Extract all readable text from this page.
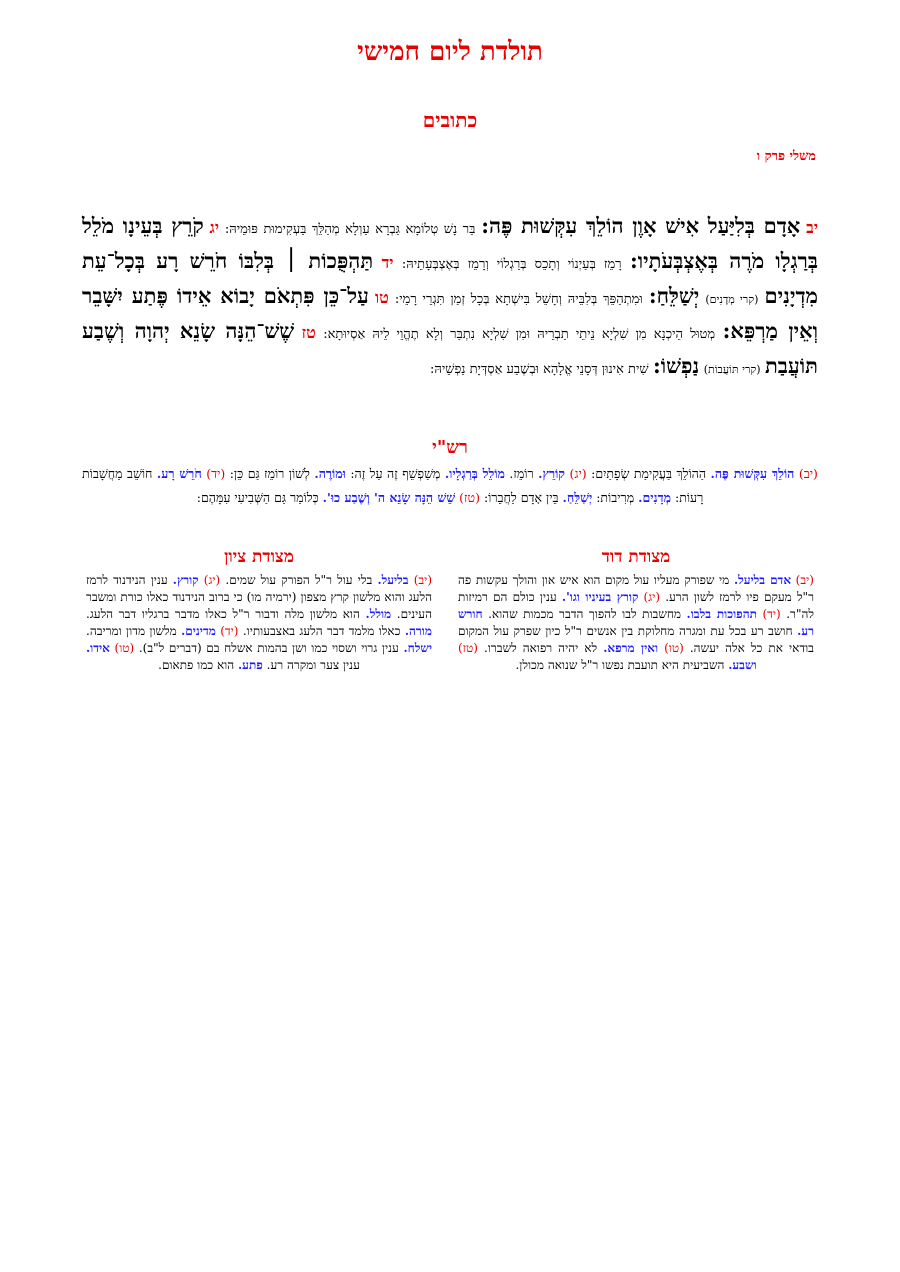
תולדת ליום חמישי
כתובים
משלי פרק ו
יב אָדָם בְּלִיַּעַל אִישׁ אָוֶן הוֹלֵךְ עִקְּשׁוּת פֶּה: בַּר נָשׁ טְלוֹמָא גַּבְרָא עַוְלָא מְהַלֵּךְ בַּעְקִימוּת פּוּמֵיהּ: יג קֹרֵץ בְּעֵינָו מֹלֵל בְּרַגְלָו מֹרֶה בְּאֶצְבְּעֹתָיו: רָמֵז בְּעַיְנוֹי וְתָכֵס בְּרַגְלוֹי וְרָמֵז בְּאֶצְבְּעָתֵיהּ: יד תַּהְפֻּכוֹת ׀ בְּלִבּוֹ חֹרֵשׁ רָע בְּכָל־עֵת מִדְיָנִים (קרי מְדָנִים) יְשַׁלֵּחַ: וּמִתְהַפֵּךְ בְּלִבֵּיהּ וְחָשֵׁל בִּישְׁתָא בְּכָל זְמַן תִּגְרֵי רָמֵי: טו עַל־כֵּן פִּתְאֹם יָבוֹא אֵידוֹ פֶּתַע יִשָּׁבֵר וְאֵין מַרְפֵּא: מְטוּל הֵיכְנָא מִן שִׁלְיָא נֵיתֵי תַבְרֵיהּ וּמִן שִׁלְיָא נִתְבַּר וְלָא תֶהֱוֵי לֵיהּ אַסְיוּתָא: טז שֶׁשׁ־הֵנָּה שָׂנֵא יְהוָה וְשֶׁבַע תּוֹעֲבַת (קרי תּוֹעֲבוֹת) נַפְשׁוֹ: שִׁית אִינוּן דְּסָנֵי אֱלָהָא וּבְשֶׁבַע אַסְדְּיָת נַפְשֵׁיהּ:
רש"י
(יב) הוֹלֵךְ עִקְּשׁוּת פֶּה. הַהוֹלֵךְ בַּעֲקִימַת שְׂפָתַיִם: (יג) קוֹרֵץ. רוֹמֵז. מוֹלֵל בְּרַגְלָיו. מְשַׁפְשֵׁף זֶה עַל זֶה: וּמוֹרֶה. לְשׁוֹן רוֹמֵז גַּם כֵּן: (יד) חֹרֵשׁ רָע. חוֹשֵׁב מַחֲשָׁבוֹת רָעוֹת: מְדָנִים. מְרִיבוֹת: יְשַׁלֵּחַ. בֵּין אָדָם לַחֲבֵרוֹ: (טז) שֵׁשׁ הֵנָּה שָׂנֵא ה' וְשֶׁבַע כוּ'. כְּלוֹמַר גַּם הַשְּׁבִיעִי עִמָּהֶם:
מצודת דוד
מצודת ציון
(יב) אדם בליעל. מי שפורק מעליו עול מקום הוא איש און והולך עקשות פה ר"ל מעקם פיו לרמז לשון הרע. (יג) קורץ בעיניו וגו'. ענין כולם הם רמיזות לה"ר. (יד) תהפוכות בלבו. מחשבות לבו להפוך הדבר מכמות שהוא. חורש רע. חושב רע בכל עת ומגרה מחלוקת בין אנשים ר"ל כיון שפרק עול המקום בודאי את כל אלה יעשה. (טו) ואין מרפא. לא יהיה רפואה לשברו. (טז) ושבע. השביעית היא תועבת נפשו ר"ל שנואה מכולן.
(יב) בליעל. בלי עול ר"ל הפורק עול שמים. (יג) קורץ. ענין הנידנוד לרמז הלעג והוא מלשון קרץ מצפון (ירמיה מו) כי ברוב הנידנוד כאלו כורת ומשבר העינים. מולל. הוא מלשון מלה ודבור ר"ל כאלו מדבר ברגליו דבר הלעג. מורה. כאלו מלמד דבר הלעג באצבעותיו. (יד) מדינים. מלשון מדון ומריבה. ישלח. ענין גרוי ושסוי כמו ושן בהמות אשלח בם (דברים ל"ב). (טו) אידו. ענין צער ומקרה רע. פתע. הוא כמו פתאום.
